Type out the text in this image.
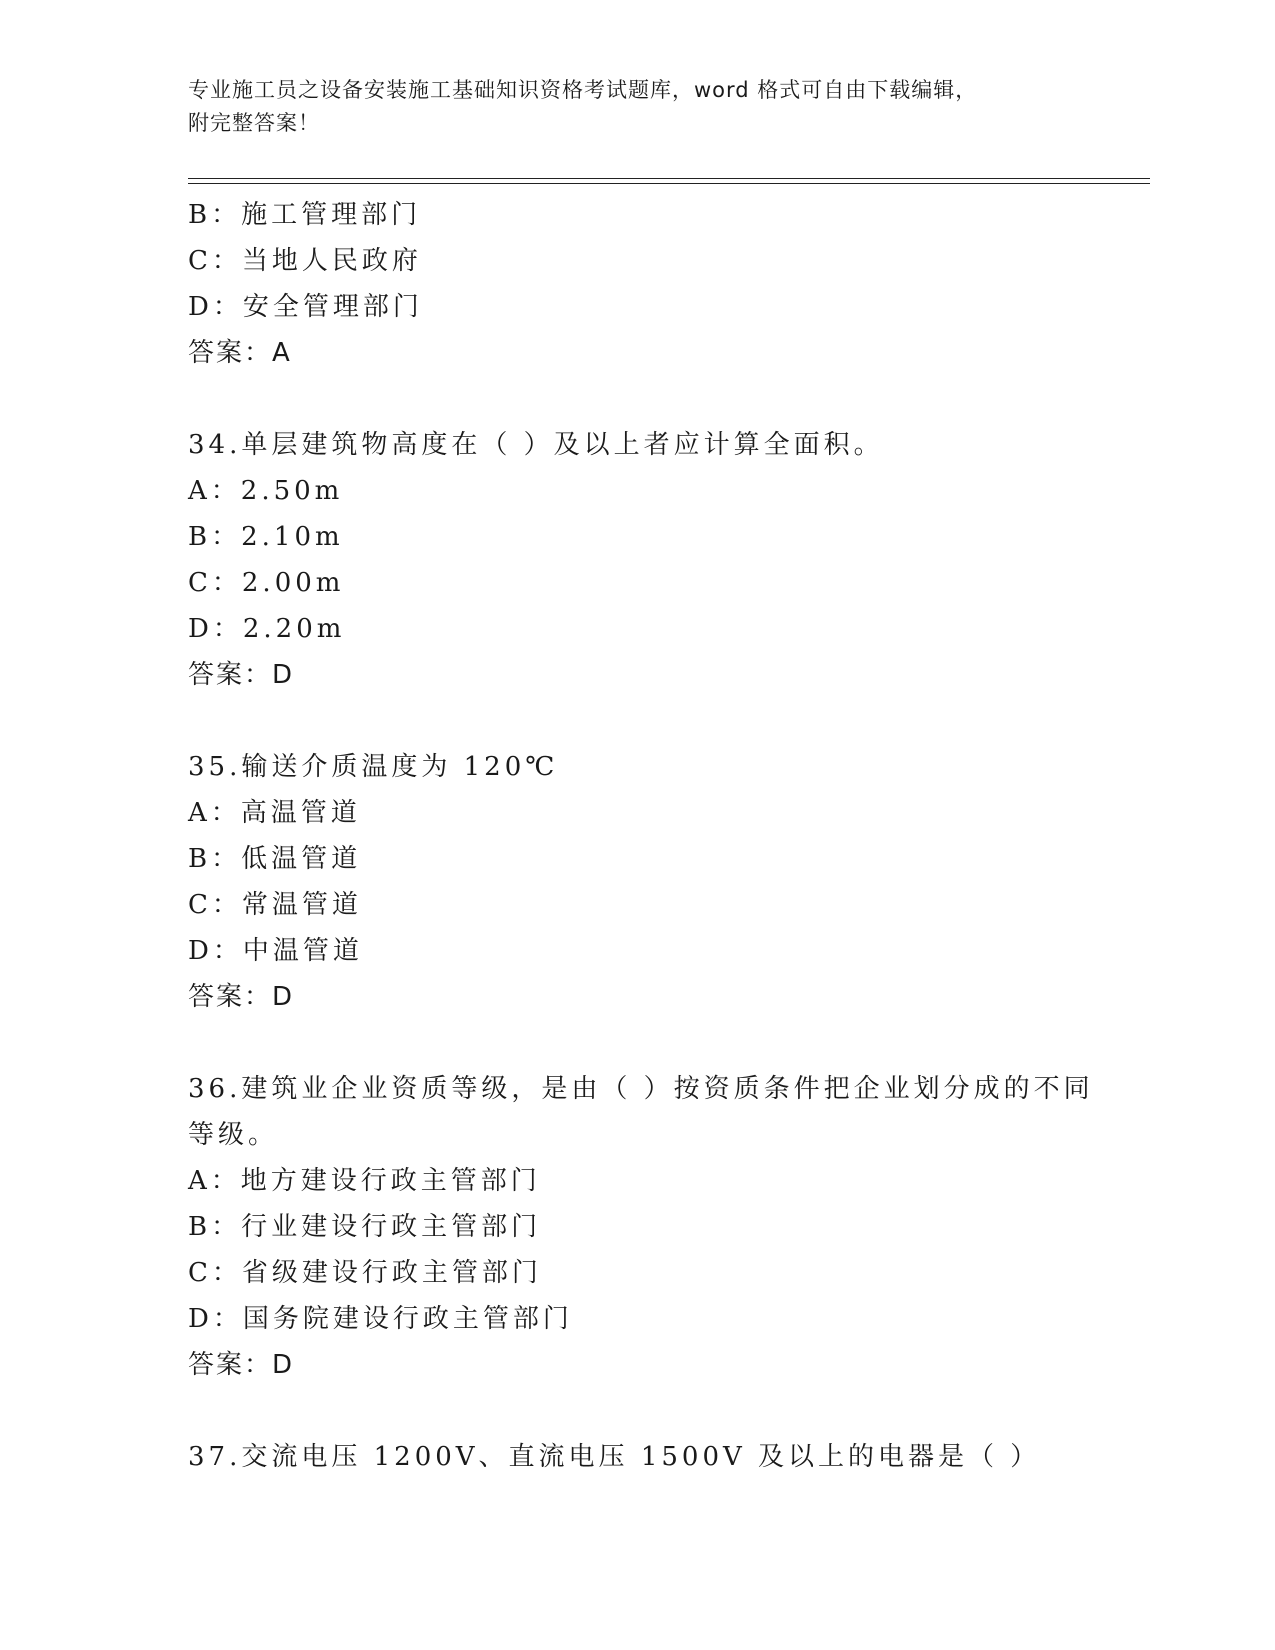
专业施工员之设备安装施工基础知识资格考试题库，word 格式可自由下载编辑，
附完整答案！
B：施工管理部门
C：当地人民政府
D：安全管理部门
答案：A
34.单层建筑物高度在（ ）及以上者应计算全面积。
A：2.50m
B：2.10m
C：2.00m
D：2.20m
答案：D
35.输送介质温度为 120℃
A：高温管道
B：低温管道
C：常温管道
D：中温管道
答案：D
36.建筑业企业资质等级，是由（ ）按资质条件把企业划分成的不同
等级。
A：地方建设行政主管部门
B：行业建设行政主管部门
C：省级建设行政主管部门
D：国务院建设行政主管部门
答案：D
37.交流电压 1200V、直流电压 1500V 及以上的电器是（ ）
